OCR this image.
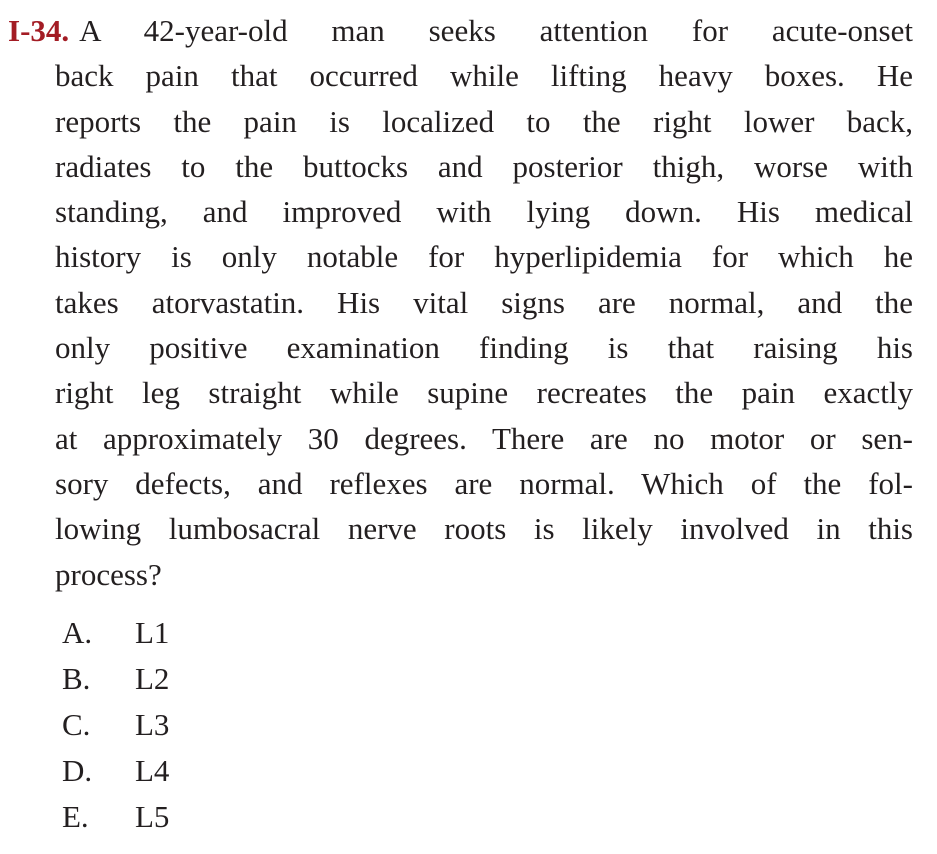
I-34. A 42-year-old man seeks attention for acute-onset
back pain that occurred while lifting heavy boxes. He
reports the pain is localized to the right lower back,
radiates to the buttocks and posterior thigh, worse with
standing, and improved with lying down. His medical
history is only notable for hyperlipidemia for which he
takes atorvastatin. His vital signs are normal, and the
only positive examination finding is that raising his
right leg straight while supine recreates the pain exactly
at approximately 30 degrees. There are no motor or sen-
sory defects, and reflexes are normal. Which of the fol-
lowing lumbosacral nerve roots is likely involved in this
process?
A.	L1
B.	L2
C.	L3
D.	L4
E.	L5
